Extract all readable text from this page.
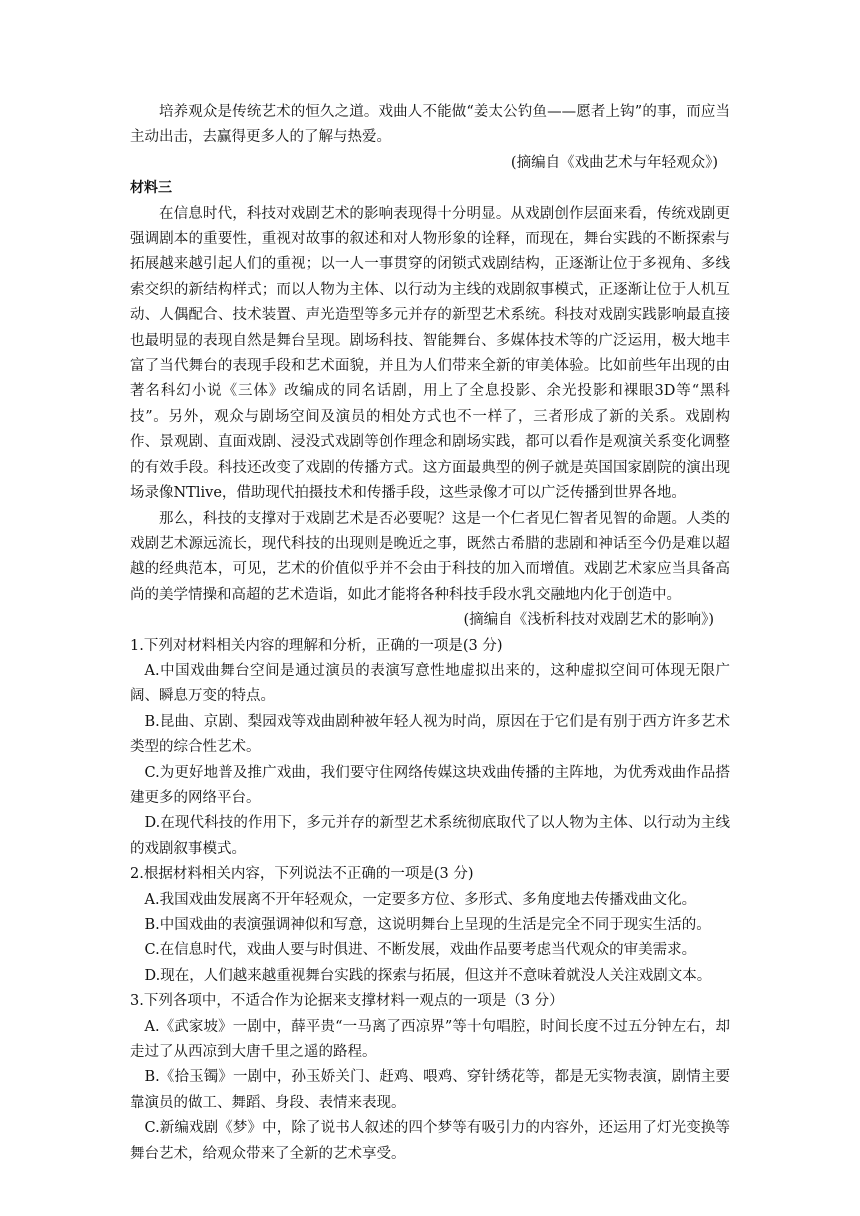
培养观众是传统艺术的恒久之道。戏曲人不能做“姜太公钓鱼——愿者上钩”的事，而应当主动出击，去赢得更多人的了解与热爱。

(摘编自《戏曲艺术与年轻观众》)

材料三

在信息时代，科技对戏剧艺术的影响表现得十分明显。从戏剧创作层面来看，传统戏剧更强调剧本的重要性，重视对故事的叙述和对人物形象的诠释，而现在，舞台实践的不断探索与拓展越来越引起人们的重视；以一人一事贯穿的闭锁式戏剧结构，正逐渐让位于多视角、多线索交织的新结构样式；而以人物为主体、以行动为主线的戏剧叙事模式，正逐渐让位于人机互动、人偶配合、技术装置、声光造型等多元并存的新型艺术系统。科技对戏剧实践影响最直接也最明显的表现自然是舞台呈现。剧场科技、智能舞台、多媒体技术等的广泛运用，极大地丰富了当代舞台的表现手段和艺术面貌，并且为人们带来全新的审美体验。比如前些年出现的由著名科幻小说《三体》改编成的同名话剧，用上了全息投影、余光投影和裸眼3D等“黑科技”。另外，观众与剧场空间及演员的相处方式也不一样了，三者形成了新的关系。戏剧构作、景观剧、直面戏剧、浸没式戏剧等创作理念和剧场实践，都可以看作是观演关系变化调整的有效手段。科技还改变了戏剧的传播方式。这方面最典型的例子就是英国国家剧院的演出现场录像NTlive，借助现代拍摄技术和传播手段，这些录像才可以广泛传播到世界各地。

那么，科技的支撑对于戏剧艺术是否必要呢？这是一个仁者见仁智者见智的命题。人类的戏剧艺术源远流长，现代科技的出现则是晚近之事，既然古希腊的悲剧和神话至今仍是难以超越的经典范本，可见，艺术的价值似乎并不会由于科技的加入而增值。戏剧艺术家应当具备高尚的美学情操和高超的艺术造诣，如此才能将各种科技手段水乳交融地内化于创造中。

(摘编自《浅析科技对戏剧艺术的影响》)

1.下列对材料相关内容的理解和分析，正确的一项是(3 分)

A.中国戏曲舞台空间是通过演员的表演写意性地虚拟出来的，这种虚拟空间可体现无限广阔、瞬息万变的特点。

B.昆曲、京剧、梨园戏等戏曲剧种被年轻人视为时尚，原因在于它们是有别于西方许多艺术类型的综合性艺术。

C.为更好地普及推广戏曲，我们要守住网络传媒这块戏曲传播的主阵地，为优秀戏曲作品搭建更多的网络平台。

D.在现代科技的作用下，多元并存的新型艺术系统彻底取代了以人物为主体、以行动为主线的戏剧叙事模式。

2.根据材料相关内容，下列说法不正确的一项是(3 分)

A.我国戏曲发展离不开年轻观众，一定要多方位、多形式、多角度地去传播戏曲文化。

B.中国戏曲的表演强调神似和写意，这说明舞台上呈现的生活是完全不同于现实生活的。

C.在信息时代，戏曲人要与时俱进、不断发展，戏曲作品要考虑当代观众的审美需求。

D.现在，人们越来越重视舞台实践的探索与拓展，但这并不意味着就没人关注戏剧文本。

3.下列各项中，不适合作为论据来支撑材料一观点的一项是（3 分）

A.《武家坡》一剧中，薛平贵“一马离了西凉界”等十句唱腔，时间长度不过五分钟左右，却走过了从西凉到大唐千里之遥的路程。

B.《拾玉镯》一剧中，孙玉娇关门、赶鸡、喂鸡、穿针绣花等，都是无实物表演，剧情主要靠演员的做工、舞蹈、身段、表情来表现。

C.新编戏剧《梦》中，除了说书人叙述的四个梦等有吸引力的内容外，还运用了灯光变换等舞台艺术，给观众带来了全新的艺术享受。
